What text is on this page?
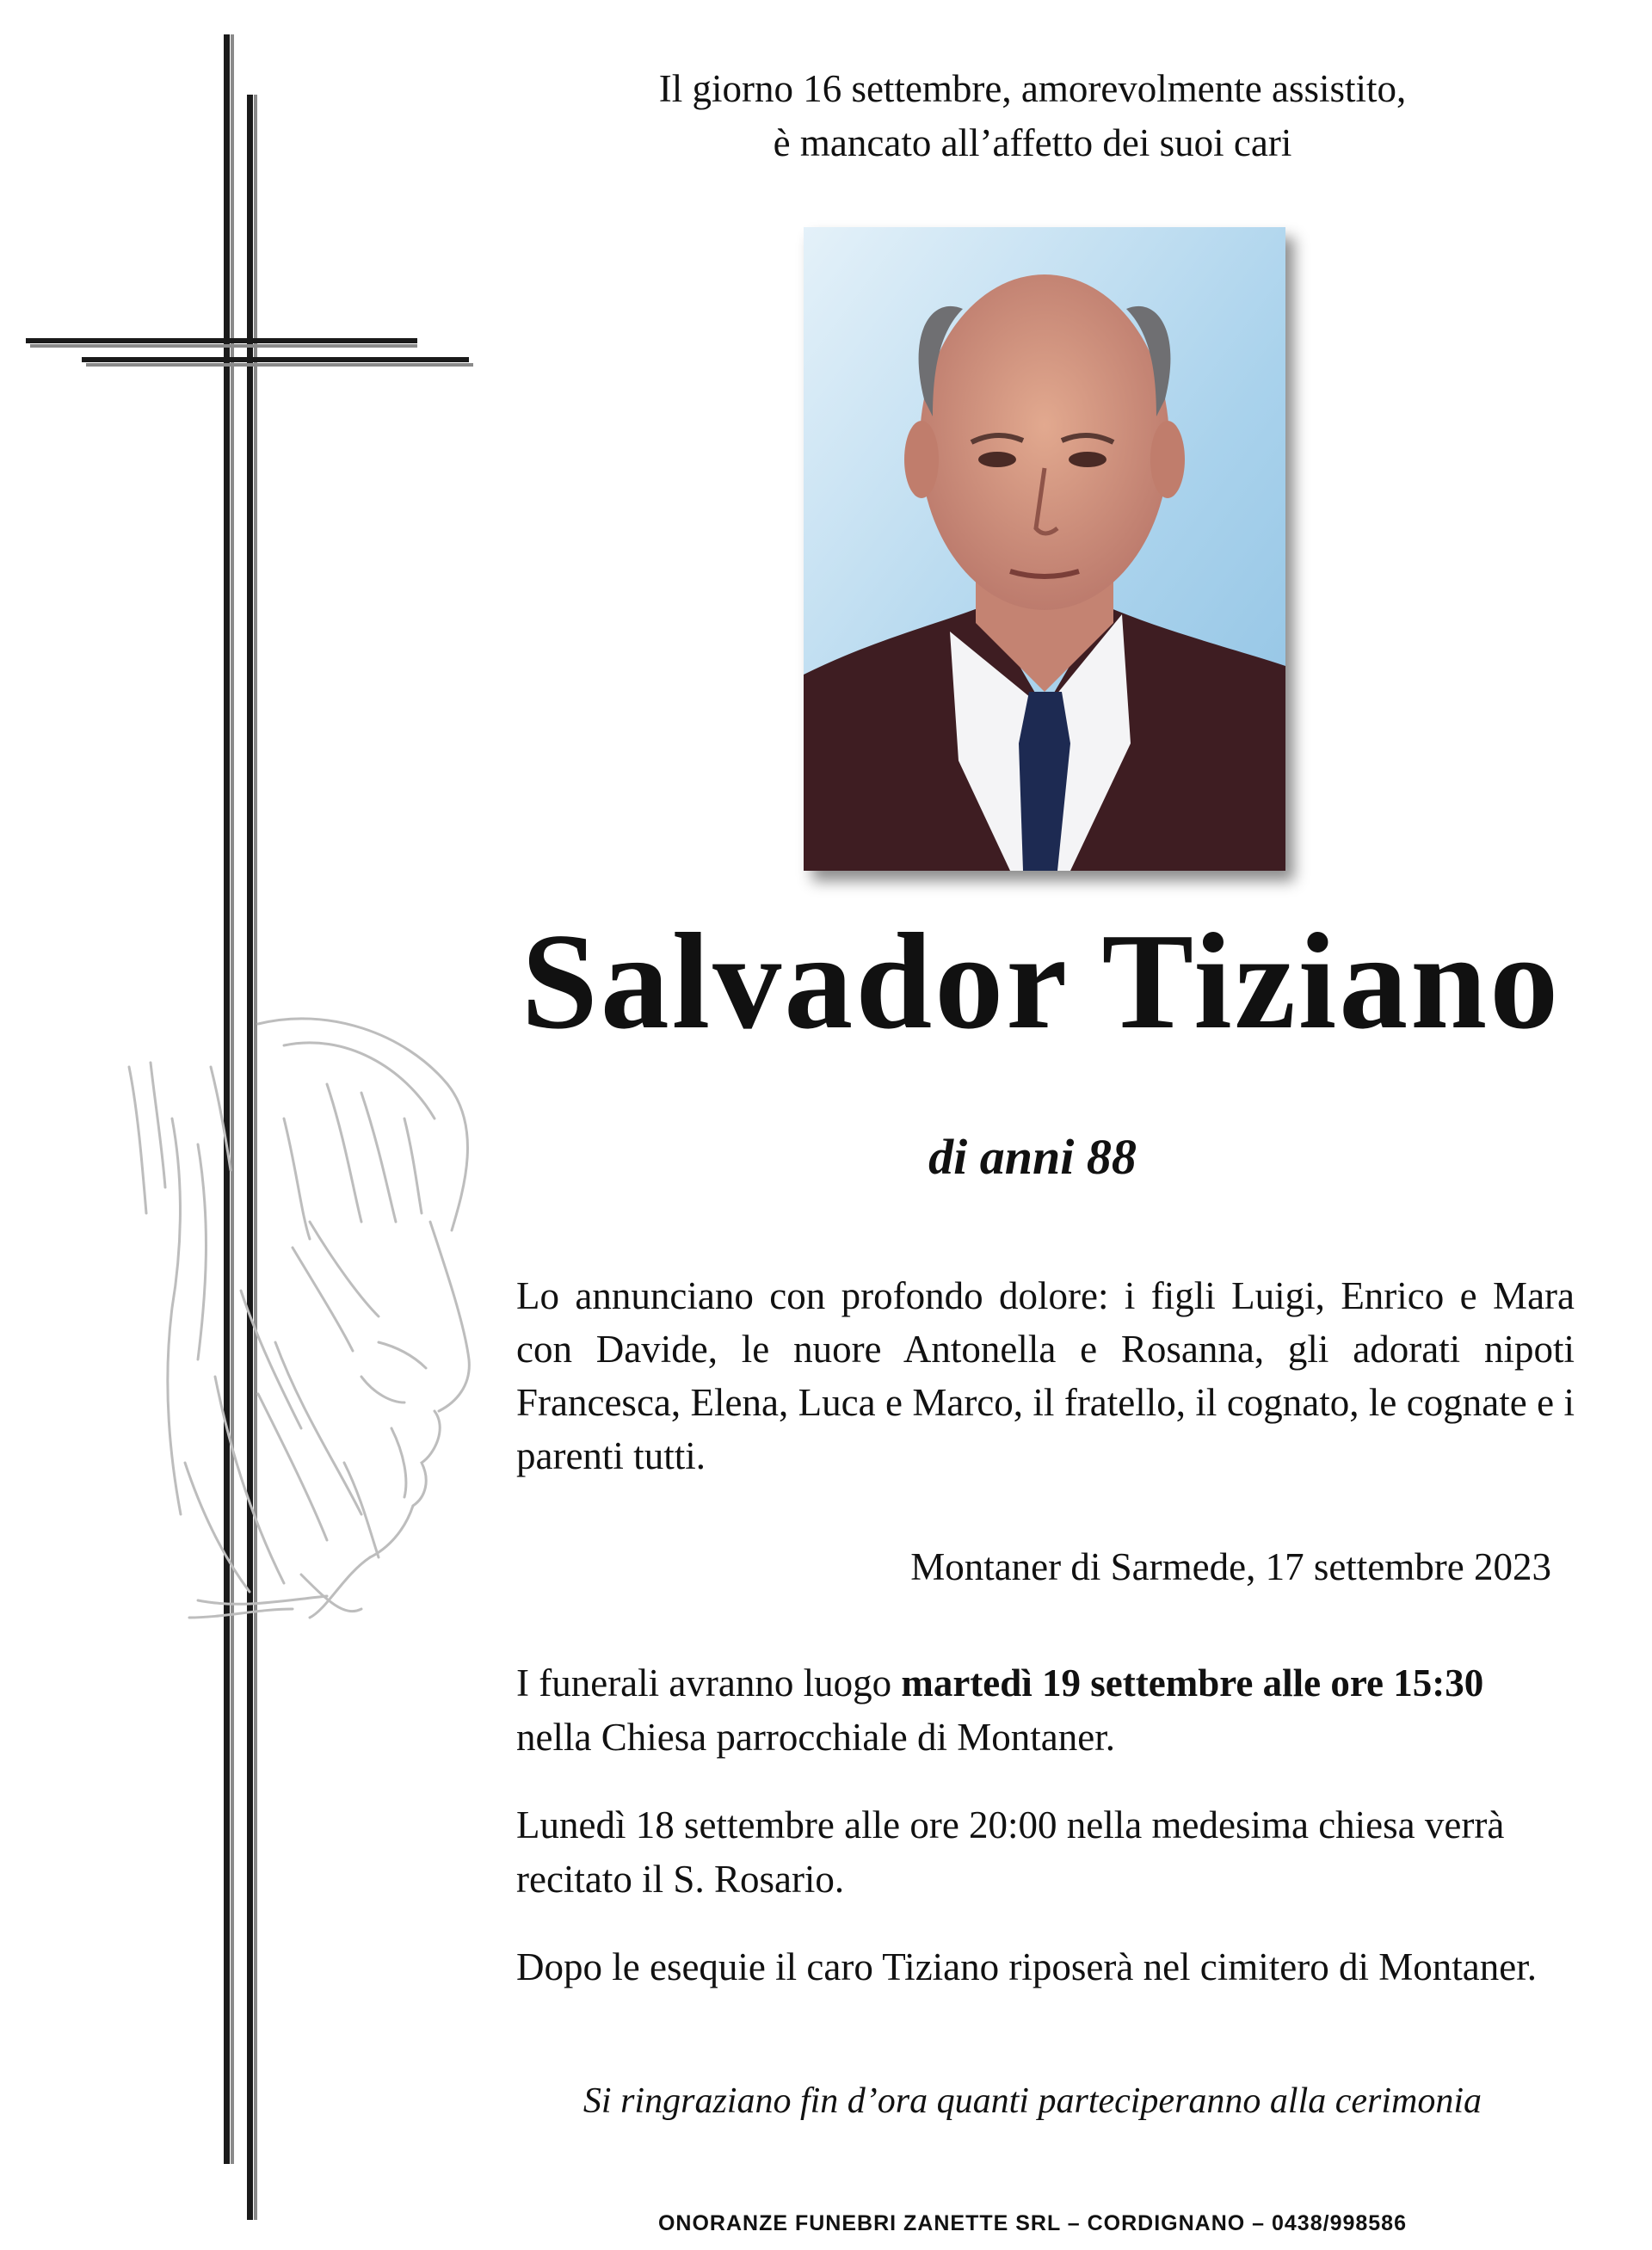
Il giorno 16 settembre, amorevolmente assistito,
è mancato all’affetto dei suoi cari
Salvador Tiziano
di anni 88
Lo annunciano con profondo dolore: i figli Luigi, Enrico e Mara con Davide, le nuore Antonella e Rosanna, gli adorati nipoti Francesca, Elena, Luca e Marco, il fratello, il cognato, le cognate e i parenti tutti.
Montaner di Sarmede, 17 settembre 2023
I funerali avranno luogo martedì 19 settembre alle ore 15:30
nella Chiesa parrocchiale di Montaner.
Lunedì 18 settembre alle ore 20:00 nella medesima chiesa verrà recitato il S. Rosario.
Dopo le esequie il caro Tiziano riposerà nel cimitero di Montaner.
Si ringraziano fin d’ora quanti parteciperanno alla cerimonia
ONORANZE FUNEBRI ZANETTE SRL – CORDIGNANO – 0438/998586
